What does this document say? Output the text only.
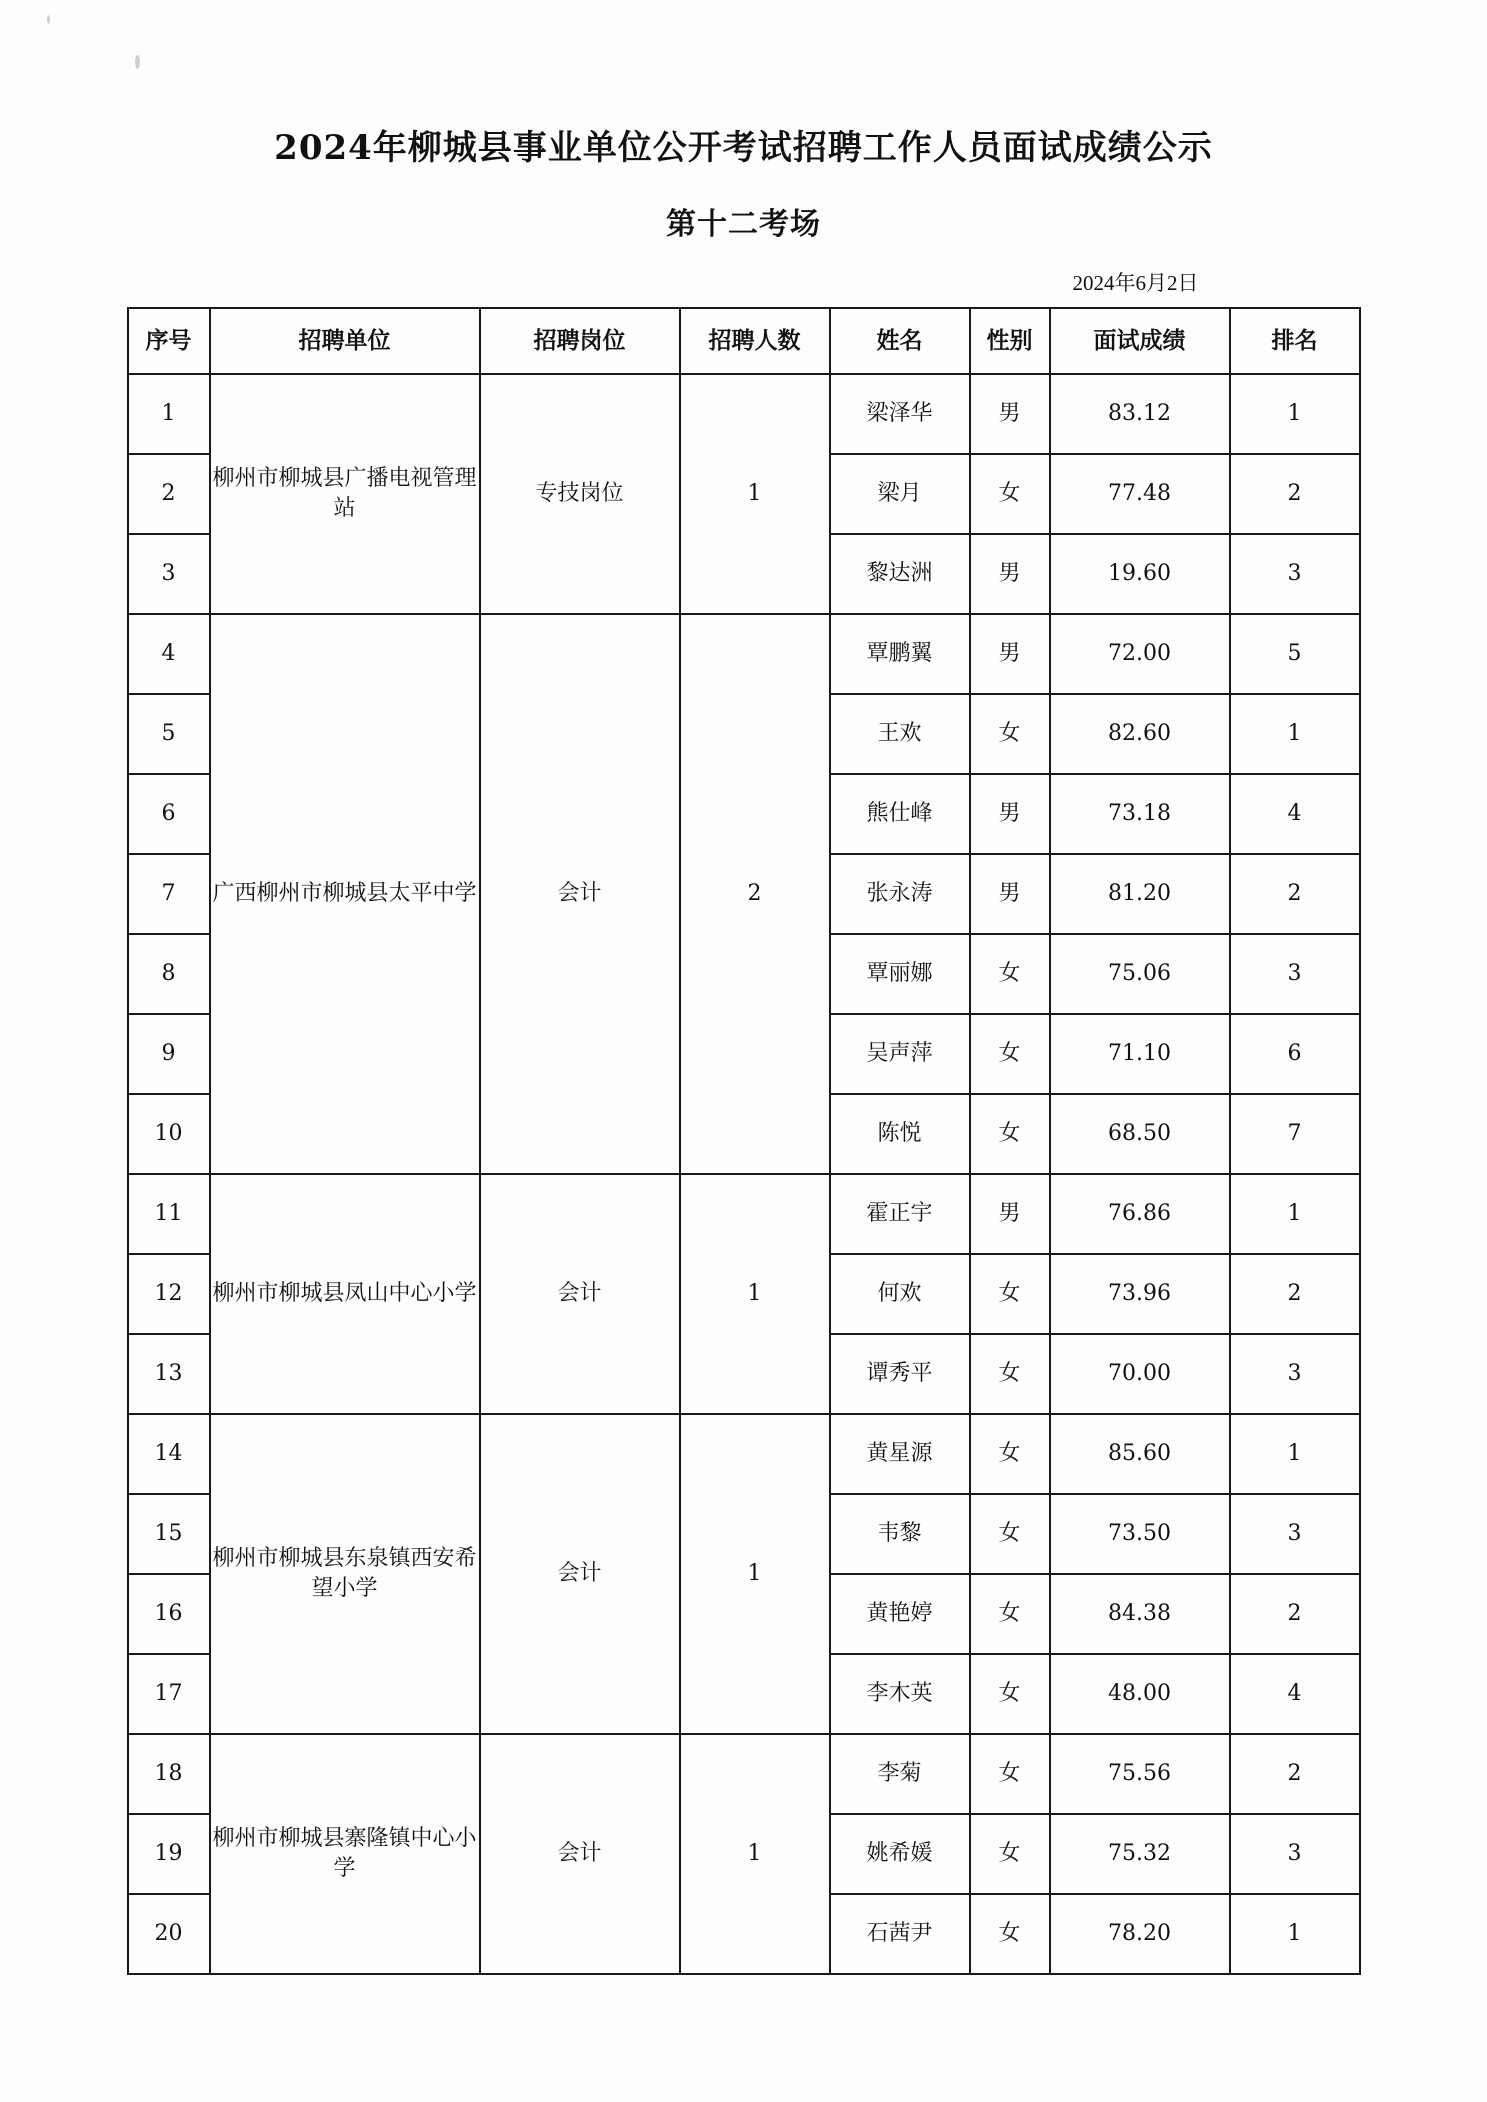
2024年柳城县事业单位公开考试招聘工作人员面试成绩公示
第十二考场
2024年6月2日
序号	招聘单位	招聘岗位	招聘人数	姓名	性别	面试成绩	排名
1	柳州市柳城县广播电视管理站	专技岗位	1	梁泽华	男	83.12	1
2				梁月	女	77.48	2
3				黎达洲	男	19.60	3
4	广西柳州市柳城县太平中学	会计	2	覃鹏翼	男	72.00	5
5				王欢	女	82.60	1
6				熊仕峰	男	73.18	4
7				张永涛	男	81.20	2
8				覃丽娜	女	75.06	3
9				吴声萍	女	71.10	6
10				陈悦	女	68.50	7
11	柳州市柳城县凤山中心小学	会计	1	霍正宇	男	76.86	1
12				何欢	女	73.96	2
13				谭秀平	女	70.00	3
14	柳州市柳城县东泉镇西安希望小学	会计	1	黄星源	女	85.60	1
15				韦黎	女	73.50	3
16				黄艳婷	女	84.38	2
17				李木英	女	48.00	4
18	柳州市柳城县寨隆镇中心小学	会计	1	李菊	女	75.56	2
19				姚希媛	女	75.32	3
20				石茜尹	女	78.20	1
